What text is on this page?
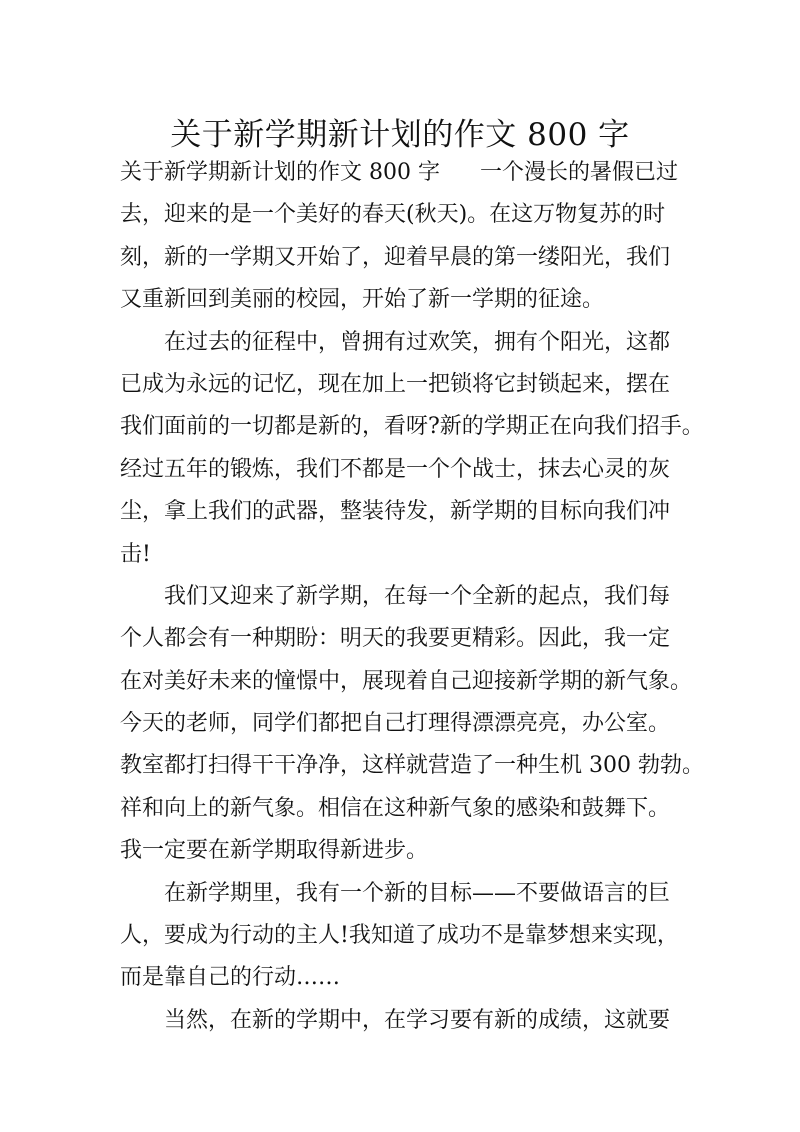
关于新学期新计划的作文 800 字
关于新学期新计划的作文 800 字 一个漫长的暑假已过
去，迎来的是一个美好的春天(秋天)。在这万物复苏的时
刻，新的一学期又开始了，迎着早晨的第一缕阳光，我们
又重新回到美丽的校园，开始了新一学期的征途。
在过去的征程中，曾拥有过欢笑，拥有个阳光，这都
已成为永远的记忆，现在加上一把锁将它封锁起来，摆在
我们面前的一切都是新的，看呀?新的学期正在向我们招手。
经过五年的锻炼，我们不都是一个个战士，抹去心灵的灰
尘，拿上我们的武器，整装待发，新学期的目标向我们冲
击!
我们又迎来了新学期，在每一个全新的起点，我们每
个人都会有一种期盼：明天的我要更精彩。因此，我一定
在对美好未来的憧憬中，展现着自己迎接新学期的新气象。
今天的老师，同学们都把自己打理得漂漂亮亮，办公室。
教室都打扫得干干净净，这样就营造了一种生机 300 勃勃。
祥和向上的新气象。相信在这种新气象的感染和鼓舞下。
我一定要在新学期取得新进步。
在新学期里，我有一个新的目标——不要做语言的巨
人，要成为行动的主人!我知道了成功不是靠梦想来实现，
而是靠自己的行动……
当然，在新的学期中，在学习要有新的成绩，这就要
